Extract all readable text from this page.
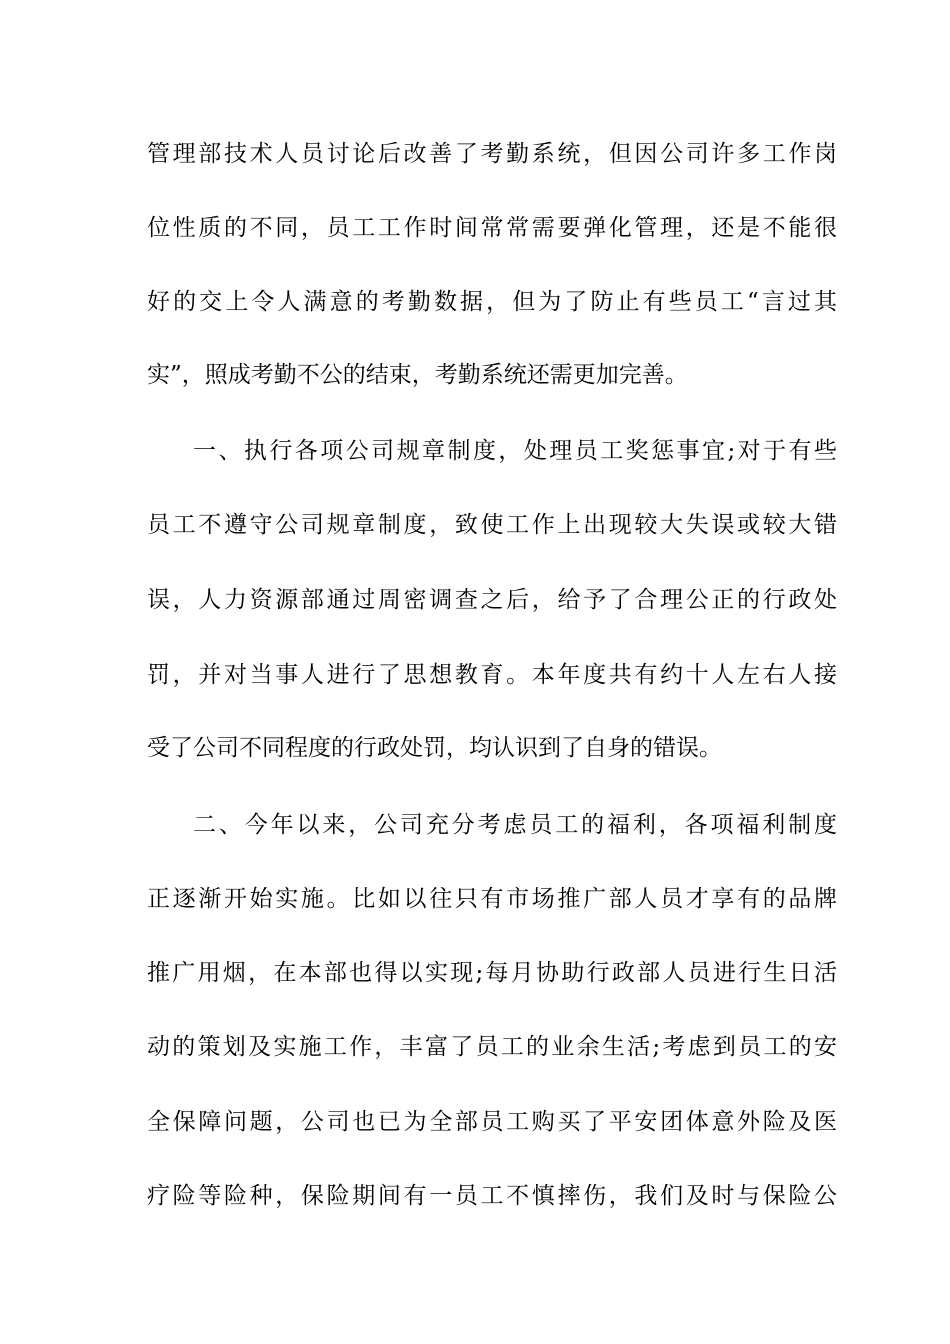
管理部技术人员讨论后改善了考勤系统，但因公司许多工作岗
位性质的不同，员工工作时间常常需要弹化管理，还是不能很
好的交上令人满意的考勤数据，但为了防止有些员工“言过其
实”，照成考勤不公的结束，考勤系统还需更加完善。
一、执行各项公司规章制度，处理员工奖惩事宜;对于有些
员工不遵守公司规章制度，致使工作上出现较大失误或较大错
误，人力资源部通过周密调查之后，给予了合理公正的行政处
罚，并对当事人进行了思想教育。本年度共有约十人左右人接
受了公司不同程度的行政处罚，均认识到了自身的错误。
二、今年以来，公司充分考虑员工的福利，各项福利制度
正逐渐开始实施。比如以往只有市场推广部人员才享有的品牌
推广用烟，在本部也得以实现;每月协助行政部人员进行生日活
动的策划及实施工作，丰富了员工的业余生活;考虑到员工的安
全保障问题，公司也已为全部员工购买了平安团体意外险及医
疗险等险种，保险期间有一员工不慎摔伤，我们及时与保险公
